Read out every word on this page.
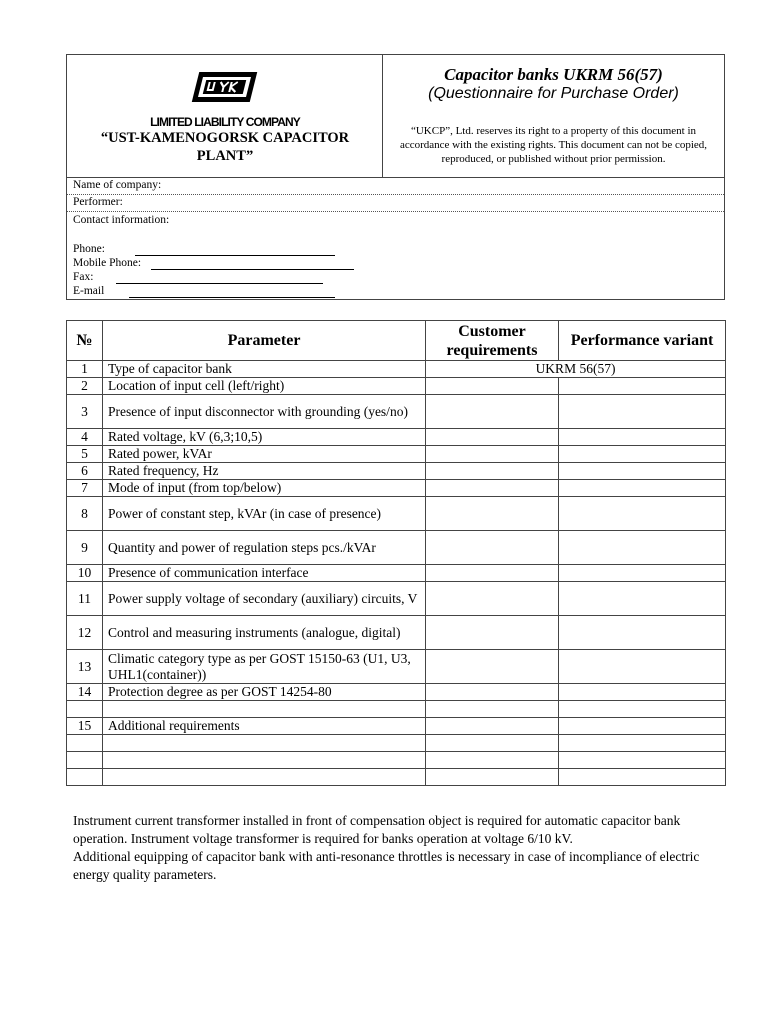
LIMITED LIABILITY COMPANY
“UST-KAMENOGORSK CAPACITOR PLANT”
Capacitor banks UKRM 56(57)
(Questionnaire for Purchase Order)
“UKCP”, Ltd. reserves its right to a property of this document in accordance with the existing rights. This document can not be copied, reproduced, or published without prior permission.
Name of company:
Performer:
Contact information:
Phone:
Mobile Phone:
Fax:
E-mail
№	Parameter	Customer requirements	Performance variant
1	Type of capacitor bank	UKRM 56(57)	
2	Location of input cell (left/right)		
3	Presence of input disconnector with grounding (yes/no)		
4	Rated voltage, kV (6,3;10,5)		
5	Rated power, kVAr		
6	Rated frequency, Hz		
7	Mode of input (from top/below)		
8	Power of constant step, kVAr (in case of presence)		
9	Quantity and power of regulation steps pcs./kVAr		
10	Presence of communication interface		
11	Power supply voltage of secondary (auxiliary) circuits, V		
12	Control and measuring instruments (analogue, digital)		
13	Climatic category type as per GOST 15150-63 (U1, U3, UHL1(container))		
14	Protection degree as per GOST 14254-80		

15	Additional requirements		

Instrument current transformer installed in front of compensation object is required for automatic capacitor bank operation. Instrument voltage transformer is required for banks operation at voltage 6/10 kV.

Additional equipping of capacitor bank with anti-resonance throttles is necessary in case of incompliance of electric energy quality parameters.
